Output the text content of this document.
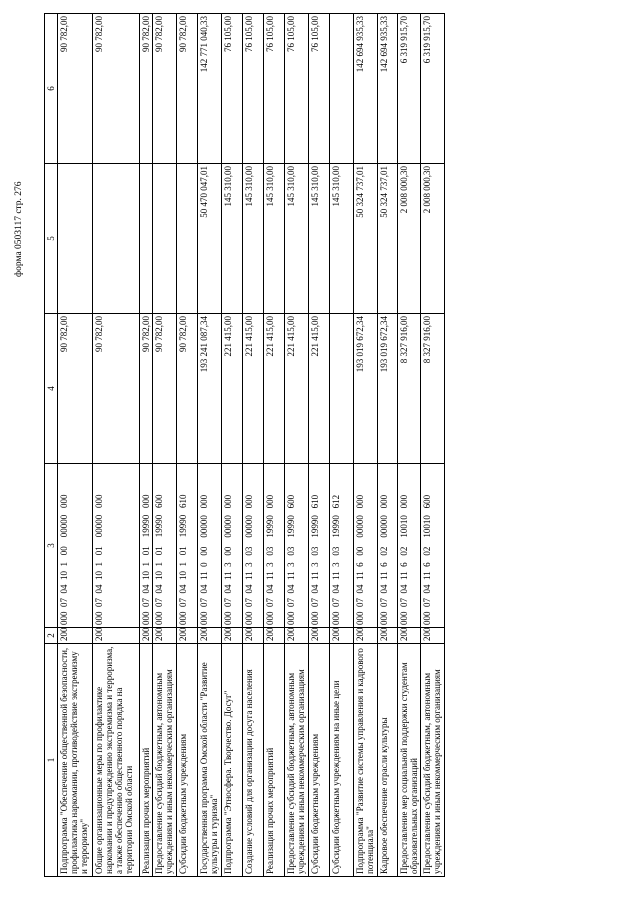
форма 0503117 стр. 276
1	2	3	4	5	6
Подпрограмма "Обеспечение общественной безопасности, профилактика наркомании, противодействие экстремизму и терроризму"	200	000  07  04  10  1   00    00000   000	90 782,00		90 782,00
Общие организационные меры по профилактике наркомании и предупреждению экстремизма и терроризма, а также обеспечению общественного порядка на территории Омской области	200	000  07  04  10  1   01    00000   000	90 782,00		90 782,00
Реализация прочих мероприятий	200	000  07  04  10  1   01    19990   000	90 782,00		90 782,00
Предоставление субсидий бюджетным, автономным учреждениям и иным некоммерческим организациям	200	000  07  04  10  1   01    19990   600	90 782,00		90 782,00
Субсидии бюджетным учреждениям	200	000  07  04  10  1   01    19990   610	90 782,00		90 782,00
Государственная программа Омской области "Развитие культуры и туризма"	200	000  07  04  11  0   00    00000   000	193 241 087,34	50 470 047,01	142 771 040,33
Подпрограмма "Этносфера. Творчество. Досуг"	200	000  07  04  11  3   00    00000   000	221 415,00	145 310,00	76 105,00
Создание условий для организации досуга населения	200	000  07  04  11  3   03    00000   000	221 415,00	145 310,00	76 105,00
Реализация прочих мероприятий	200	000  07  04  11  3   03    19990   000	221 415,00	145 310,00	76 105,00
Предоставление субсидий бюджетным, автономным учреждениям и иным некоммерческим организациям	200	000  07  04  11  3   03    19990   600	221 415,00	145 310,00	76 105,00
Субсидии бюджетным учреждениям	200	000  07  04  11  3   03    19990   610	221 415,00	145 310,00	76 105,00
Субсидии бюджетным учреждениям на иные цели	200	000  07  04  11  3   03    19990   612		145 310,00	
Подпрограмма "Развитие системы управления и кадрового потенциала"	200	000  07  04  11  6   00    00000   000	193 019 672,34	50 324 737,01	142 694 935,33
Кадровое обеспечение отрасли культуры	200	000  07  04  11  6   02    00000   000	193 019 672,34	50 324 737,01	142 694 935,33
Предоставление мер социальной поддержки студентам образовательных организаций	200	000  07  04  11  6   02    10010   000	8 327 916,00	2 008 000,30	6 319 915,70
Предоставление субсидий бюджетным, автономным учреждениям и иным некоммерческим организациям	200	000  07  04  11  6   02    10010   600	8 327 916,00	2 008 000,30	6 319 915,70
